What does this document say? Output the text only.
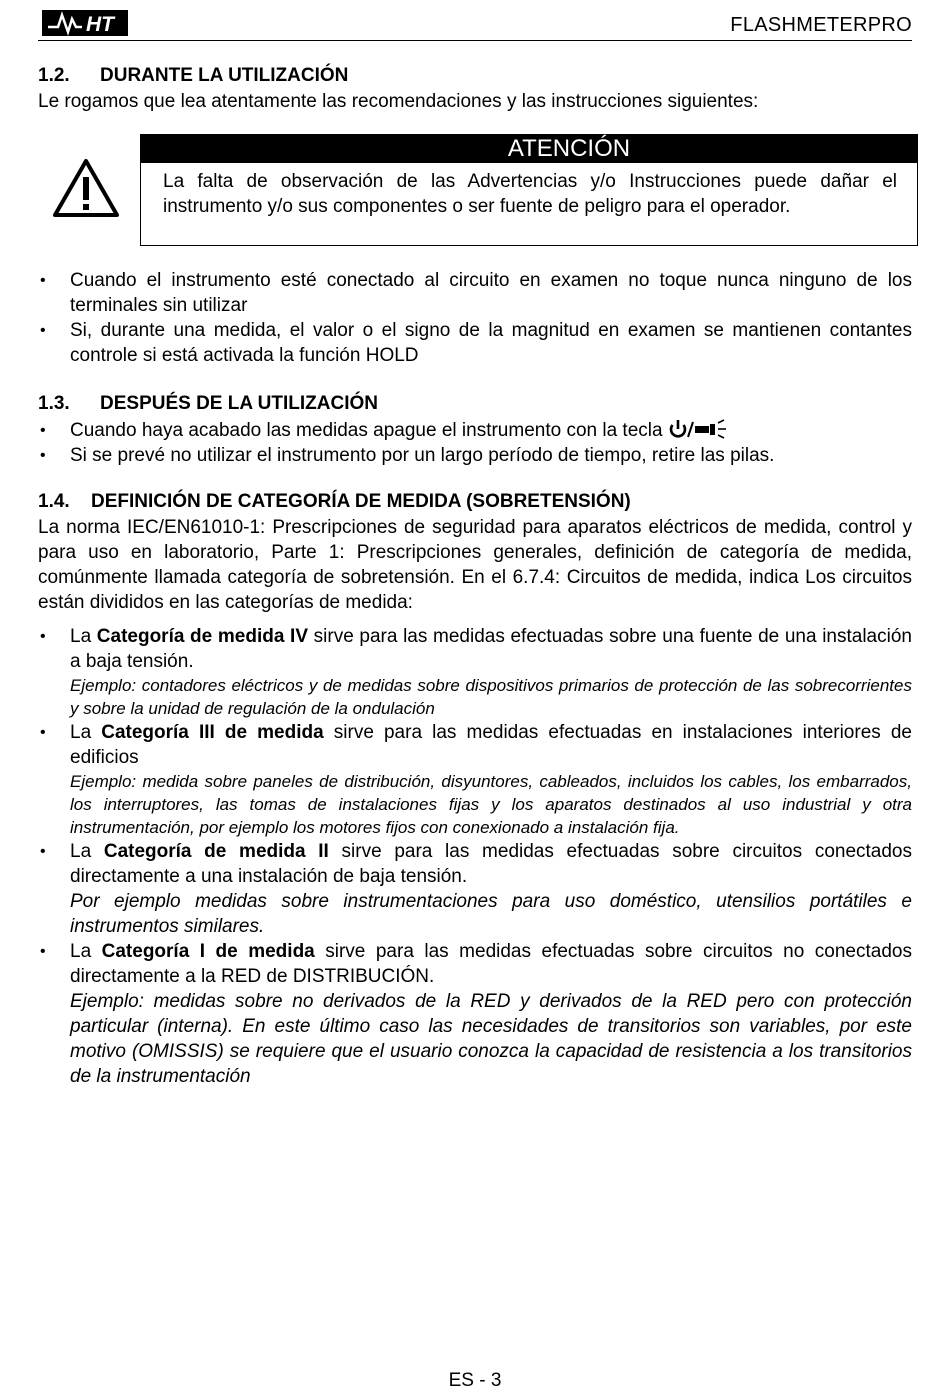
HT	FLASHMETERPRO
1.2. DURANTE LA UTILIZACIÓN
Le rogamos que lea atentamente las recomendaciones y las instrucciones siguientes:
ATENCIÓN
La falta de observación de las Advertencias y/o Instrucciones puede dañar el instrumento y/o sus componentes o ser fuente de peligro para el operador.
• Cuando el instrumento esté conectado al circuito en examen no toque nunca ninguno de los terminales sin utilizar
• Si, durante una medida, el valor o el signo de la magnitud en examen se mantienen contantes controle si está activada la función HOLD
1.3. DESPUÉS DE LA UTILIZACIÓN
• Cuando haya acabado las medidas apague el instrumento con la tecla
• Si se prevé no utilizar el instrumento por un largo período de tiempo, retire las pilas.
1.4. DEFINICIÓN DE CATEGORÍA DE MEDIDA (SOBRETENSIÓN)
La norma IEC/EN61010-1: Prescripciones de seguridad para aparatos eléctricos de medida, control y para uso en laboratorio, Parte 1: Prescripciones generales, definición de categoría de medida, comúnmente llamada categoría de sobretensión. En el 6.7.4: Circuitos de medida, indica Los circuitos están divididos en las categorías de medida:
• La Categoría de medida IV sirve para las medidas efectuadas sobre una fuente de una instalación a baja tensión.
Ejemplo: contadores eléctricos y de medidas sobre dispositivos primarios de protección de las sobrecorrientes y sobre la unidad de regulación de la ondulación
• La Categoría III de medida sirve para las medidas efectuadas en instalaciones interiores de edificios
Ejemplo: medida sobre paneles de distribución, disyuntores, cableados, incluidos los cables, los embarrados, los interruptores, las tomas de instalaciones fijas y los aparatos destinados al uso industrial y otra instrumentación, por ejemplo los motores fijos con conexionado a instalación fija.
• La Categoría de medida II sirve para las medidas efectuadas sobre circuitos conectados directamente a una instalación de baja tensión.
Por ejemplo medidas sobre instrumentaciones para uso doméstico, utensilios portátiles e instrumentos similares.
• La Categoría I de medida sirve para las medidas efectuadas sobre circuitos no conectados directamente a la RED de DISTRIBUCIÓN.
Ejemplo: medidas sobre no derivados de la RED y derivados de la RED pero con protección particular (interna). En este último caso las necesidades de transitorios son variables, por este motivo (OMISSIS) se requiere que el usuario conozca la capacidad de resistencia a los transitorios de la instrumentación
ES - 3
